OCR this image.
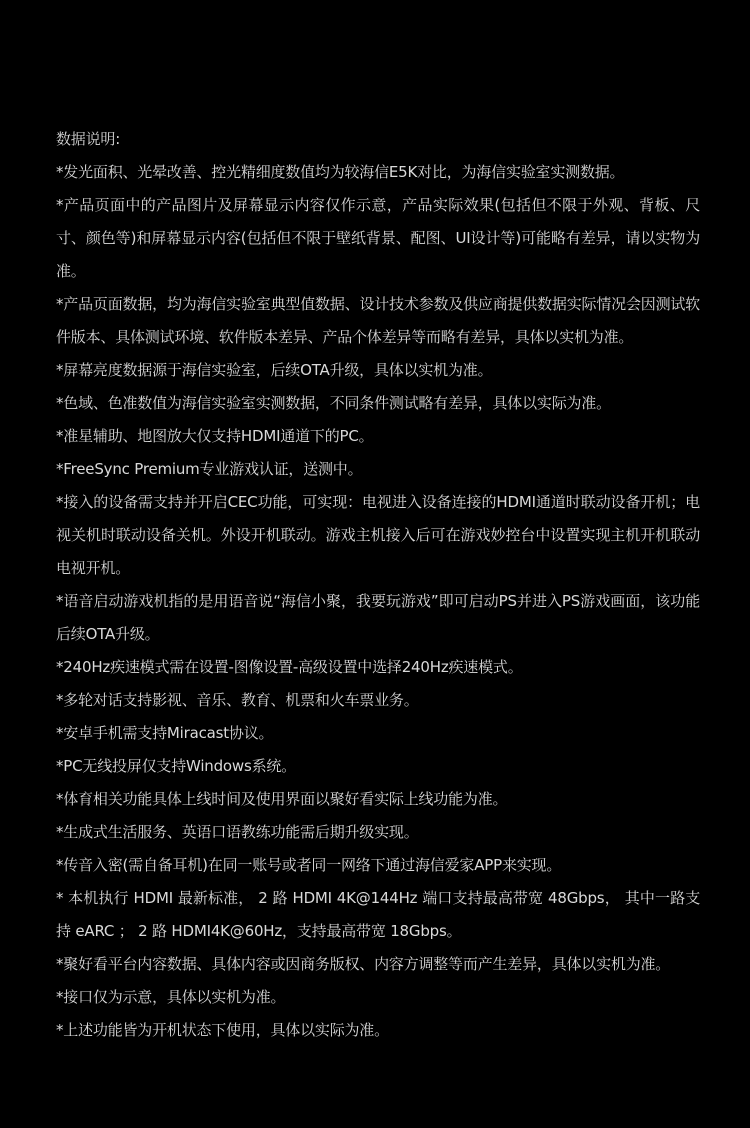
数据说明:

*发光面积、光晕改善、控光精细度数值均为较海信E5K对比，为海信实验室实测数据。

*产品页面中的产品图片及屏幕显示内容仅作示意，产品实际效果(包括但不限于外观、背板、尺寸、颜色等)和屏幕显示内容(包括但不限于壁纸背景、配图、UI设计等)可能略有差异，请以实物为准。

*产品页面数据，均为海信实验室典型值数据、设计技术参数及供应商提供数据实际情况会因测试软件版本、具体测试环境、软件版本差异、产品个体差异等而略有差异，具体以实机为准。

*屏幕亮度数据源于海信实验室，后续OTA升级，具体以实机为准。

*色域、色准数值为海信实验室实测数据，不同条件测试略有差异，具体以实际为准。

*准星辅助、地图放大仅支持HDMI通道下的PC。

*FreeSync Premium专业游戏认证，送测中。

*接入的设备需支持并开启CEC功能，可实现：电视进入设备连接的HDMI通道时联动设备开机；电视关机时联动设备关机。外设开机联动。游戏主机接入后可在游戏妙控台中设置实现主机开机联动电视开机。

*语音启动游戏机指的是用语音说“海信小聚，我要玩游戏”即可启动PS并进入PS游戏画面，该功能后续OTA升级。

*240Hz疾速模式需在设置-图像设置-高级设置中选择240Hz疾速模式。

*多轮对话支持影视、音乐、教育、机票和火车票业务。

*安卓手机需支持Miracast协议。

*PC无线投屏仅支持Windows系统。

*体育相关功能具体上线时间及使用界面以聚好看实际上线功能为准。

*生成式生活服务、英语口语教练功能需后期升级实现。

*传音入密(需自备耳机)在同一账号或者同一网络下通过海信爱家APP来实现。

* 本机执行 HDMI 最新标准， 2 路 HDMI 4K@144Hz 端口支持最高带宽 48Gbps， 其中一路支持 eARC ； 2 路 HDMI4K@60Hz，支持最高带宽 18Gbps。

*聚好看平台内容数据、具体内容或因商务版权、内容方调整等而产生差异，具体以实机为准。

*接口仅为示意，具体以实机为准。

*上述功能皆为开机状态下使用，具体以实际为准。
